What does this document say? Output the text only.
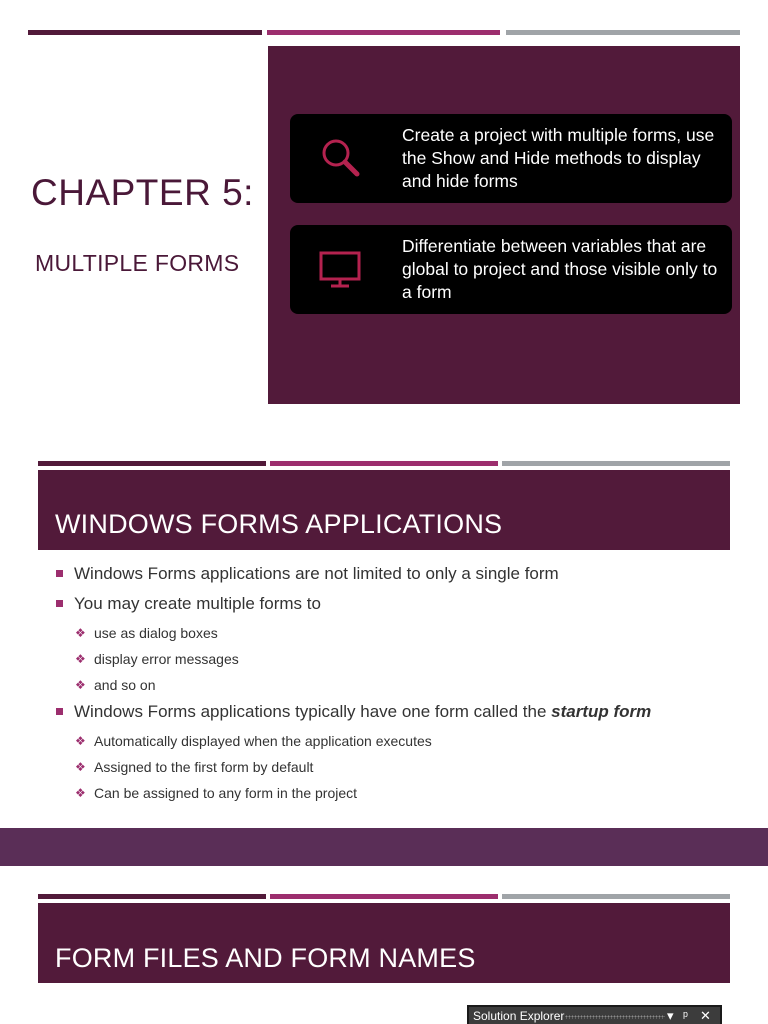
CHAPTER 5:
MULTIPLE FORMS
Create a project with multiple forms, use the Show and Hide methods to display and hide forms
Differentiate between variables that are global to project and those visible only to a form
WINDOWS FORMS APPLICATIONS
Windows Forms applications are not limited to only a single form
You may create multiple forms to
❖ use as dialog boxes
❖ display error messages
❖ and so on
Windows Forms applications typically have one form called the startup form
❖ Automatically displayed when the application executes
❖ Assigned to the first form by default
❖ Can be assigned to any form in the project
FORM FILES AND FORM NAMES
Solution Explorer	▾ ᵖ ✕
